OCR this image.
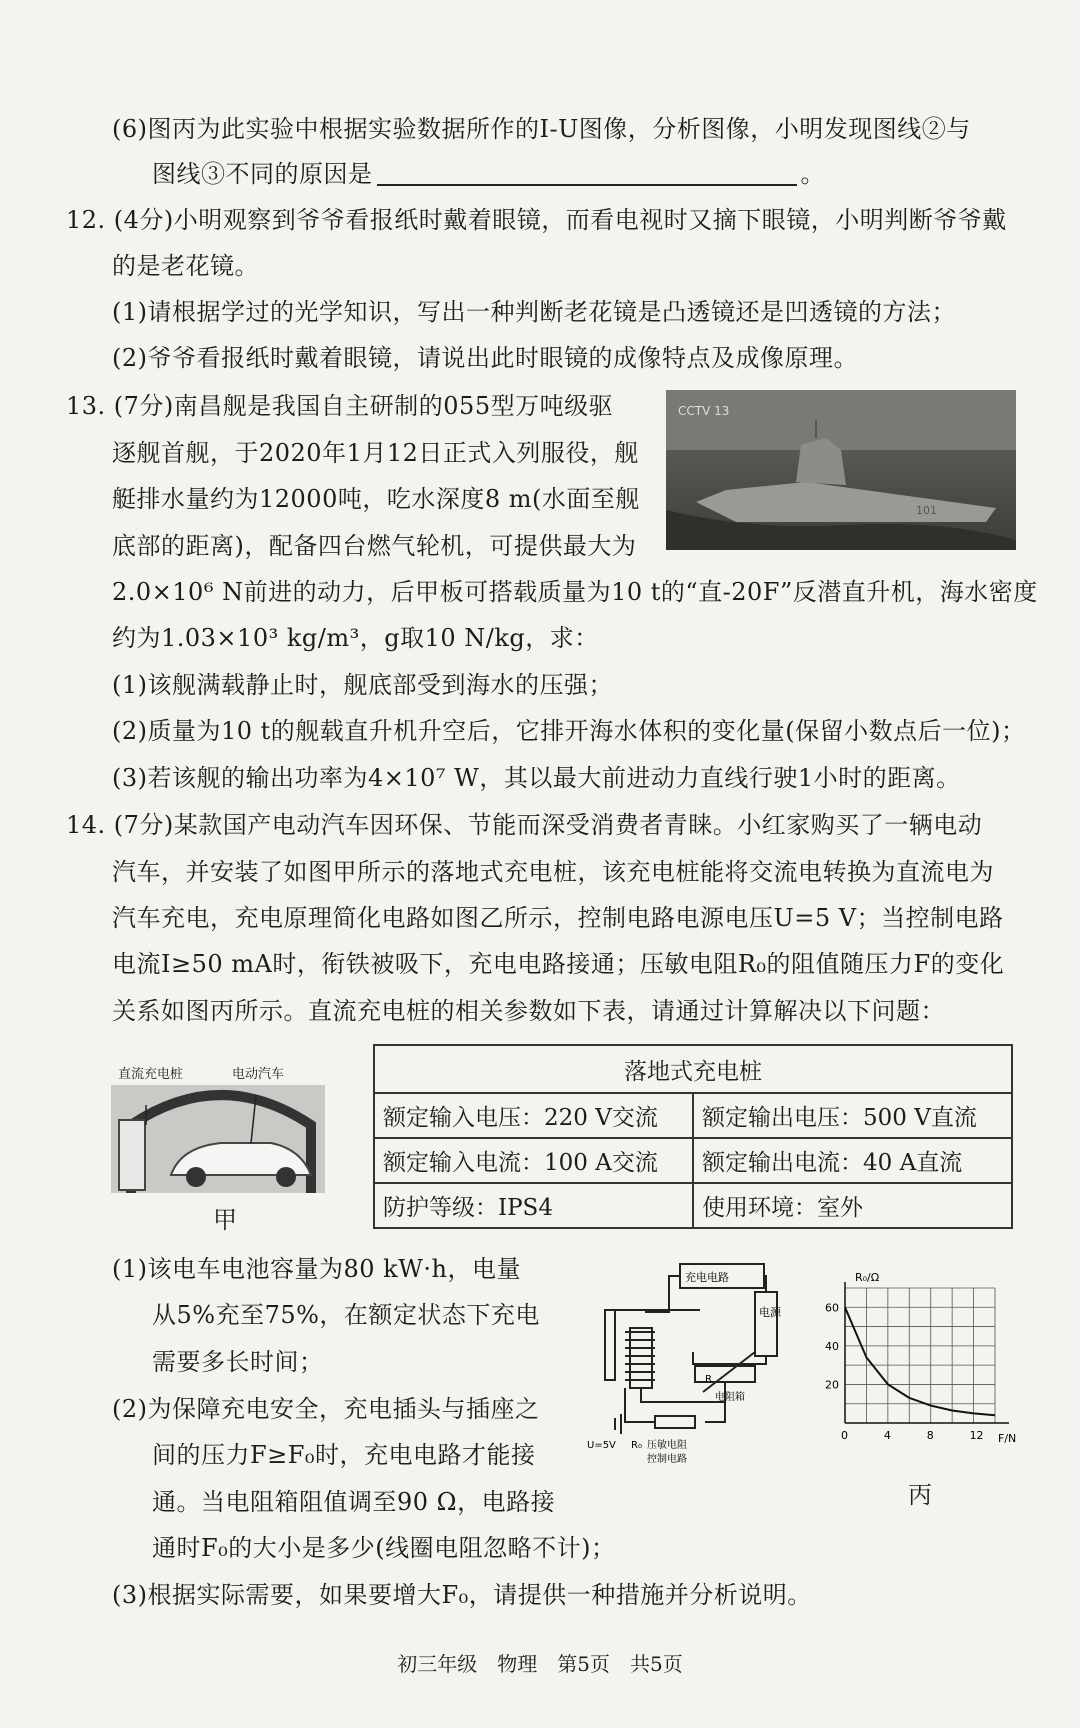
(6)图丙为此实验中根据实验数据所作的I-U图像，分析图像，小明发现图线②与
图线③不同的原因是	。
12. (4分)小明观察到爷爷看报纸时戴着眼镜，而看电视时又摘下眼镜，小明判断爷爷戴
的是老花镜。
(1)请根据学过的光学知识，写出一种判断老花镜是凸透镜还是凹透镜的方法；
(2)爷爷看报纸时戴着眼镜，请说出此时眼镜的成像特点及成像原理。
13. (7分)南昌舰是我国自主研制的055型万吨级驱
逐舰首舰，于2020年1月12日正式入列服役，舰
艇排水量约为12000吨，吃水深度8 m(水面至舰
底部的距离)，配备四台燃气轮机，可提供最大为
CCTV 13
101
2.0×10⁶ N前进的动力，后甲板可搭载质量为10 t的“直-20F”反潜直升机，海水密度
约为1.03×10³ kg/m³，g取10 N/kg，求：
(1)该舰满载静止时，舰底部受到海水的压强；
(2)质量为10 t的舰载直升机升空后，它排开海水体积的变化量(保留小数点后一位)；
(3)若该舰的输出功率为4×10⁷ W，其以最大前进动力直线行驶1小时的距离。
14. (7分)某款国产电动汽车因环保、节能而深受消费者青睐。小红家购买了一辆电动
汽车，并安装了如图甲所示的落地式充电桩，该充电桩能将交流电转换为直流电为
汽车充电，充电原理简化电路如图乙所示，控制电路电源电压U=5 V；当控制电路
电流I≥50 mA时，衔铁被吸下，充电电路接通；压敏电阻R₀的阻值随压力F的变化
关系如图丙所示。直流充电桩的相关参数如下表，请通过计算解决以下问题：
直流充电桩	电动汽车
甲
落地式充电桩	
额定输入电压：220 V交流	额定输出电压：500 V直流
额定输入电流：100 A交流	额定输出电流：40 A直流
防护等级：IPS4	使用环境：室外
(1)该电车电池容量为80 kW·h，电量
从5%充至75%，在额定状态下充电
需要多长时间；
(2)为保障充电安全，充电插头与插座之
间的压力F≥F₀时，充电电路才能接
通。当电阻箱阻值调至90 Ω，电路接
通时F₀的大小是多少(线圈电阻忽略不计)；
(3)根据实际需要，如果要增大F₀，请提供一种措施并分析说明。
充电电路
电源
R
电阻箱
U=5V R₀ 压敏电阻
控制电路
0	4	8	12
20
40
60
R₀/Ω
F/N
丙
初三年级　物理　第5页　共5页
